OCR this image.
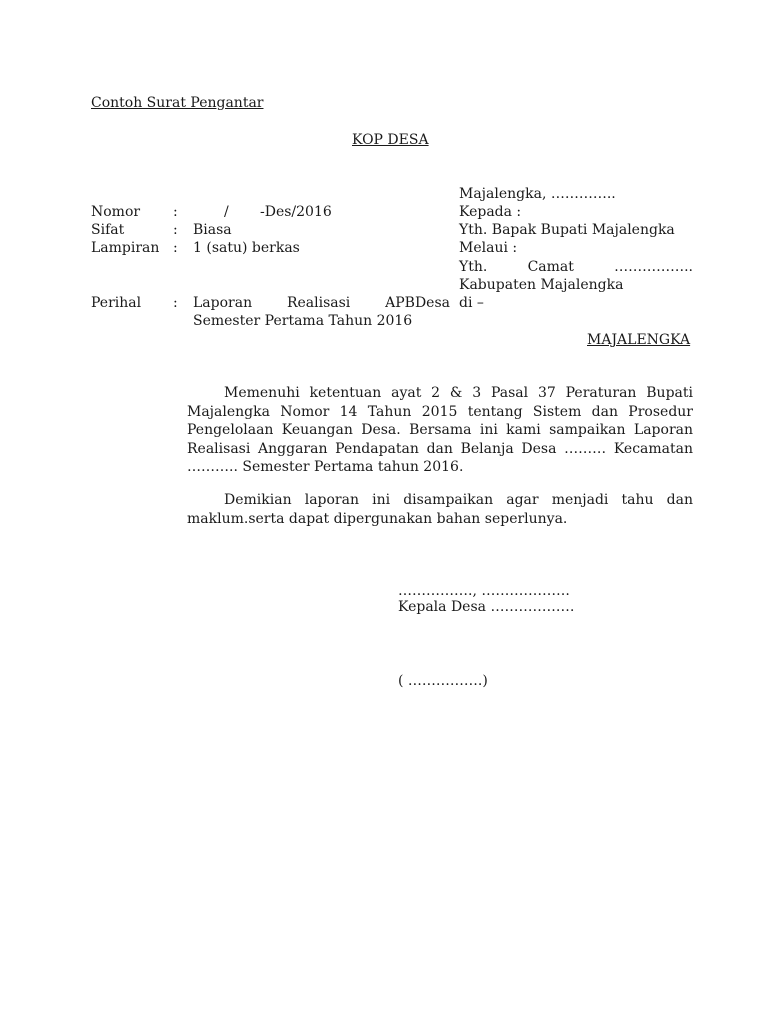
Contoh Surat Pengantar
KOP DESA
Nomor :	/ -Des/2016
Sifat	: Biasa
Lampiran : 1 (satu) berkas
Perihal : Laporan Realisasi APBDesa
Semester Pertama Tahun 2016
Majalengka, …………..
Kepada :
Yth. Bapak Bupati Majalengka
Melaui :
Yth.	Camat	……………..
Kabupaten Majalengka
di –
MAJALENGKA

Memenuhi ketentuan ayat 2 & 3 Pasal 37 Peraturan Bupati Majalengka Nomor 14 Tahun 2015 tentang Sistem dan Prosedur Pengelolaan Keuangan Desa. Bersama ini kami sampaikan Laporan Realisasi Anggaran Pendapatan dan Belanja Desa ……… Kecamatan ……….. Semester Pertama tahun 2016.

Demikian laporan ini disampaikan agar menjadi tahu dan maklum.serta dapat dipergunakan bahan seperlunya.

……………., ……………….
Kepala Desa ………………
( …………….)
